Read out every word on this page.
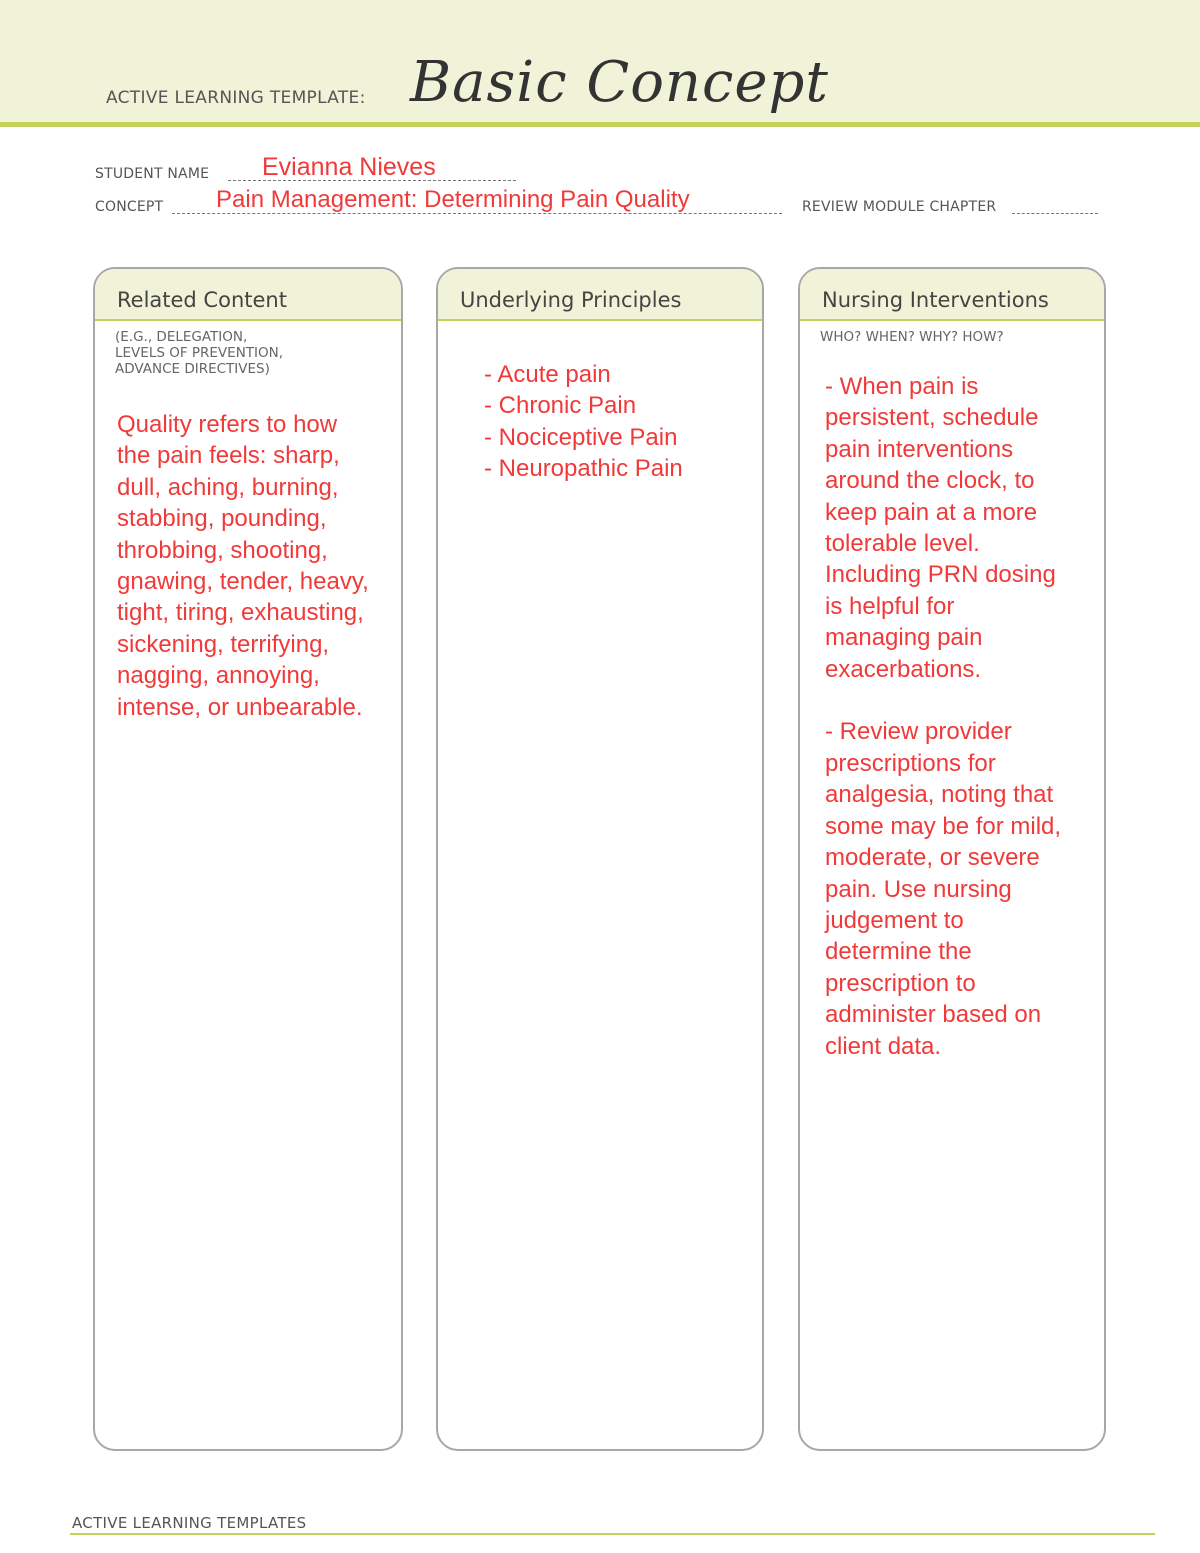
ACTIVE LEARNING TEMPLATE: Basic Concept
STUDENT NAME Evianna Nieves
CONCEPT Pain Management: Determining Pain Quality	REVIEW MODULE CHAPTER
Related Content
(E.G., DELEGATION,
LEVELS OF PREVENTION,
ADVANCE DIRECTIVES)
Quality refers to how
the pain feels: sharp,
dull, aching, burning,
stabbing, pounding,
throbbing, shooting,
gnawing, tender, heavy,
tight, tiring, exhausting,
sickening, terrifying,
nagging, annoying,
intense, or unbearable.
Underlying Principles
- Acute pain
- Chronic Pain
- Nociceptive Pain
- Neuropathic Pain
Nursing Interventions
WHO? WHEN? WHY? HOW?
- When pain is
persistent, schedule
pain interventions
around the clock, to
keep pain at a more
tolerable level.
Including PRN dosing
is helpful for
managing pain
exacerbations.

- Review provider
prescriptions for
analgesia, noting that
some may be for mild,
moderate, or severe
pain. Use nursing
judgement to
determine the
prescription to
administer based on
client data.
ACTIVE LEARNING TEMPLATES
